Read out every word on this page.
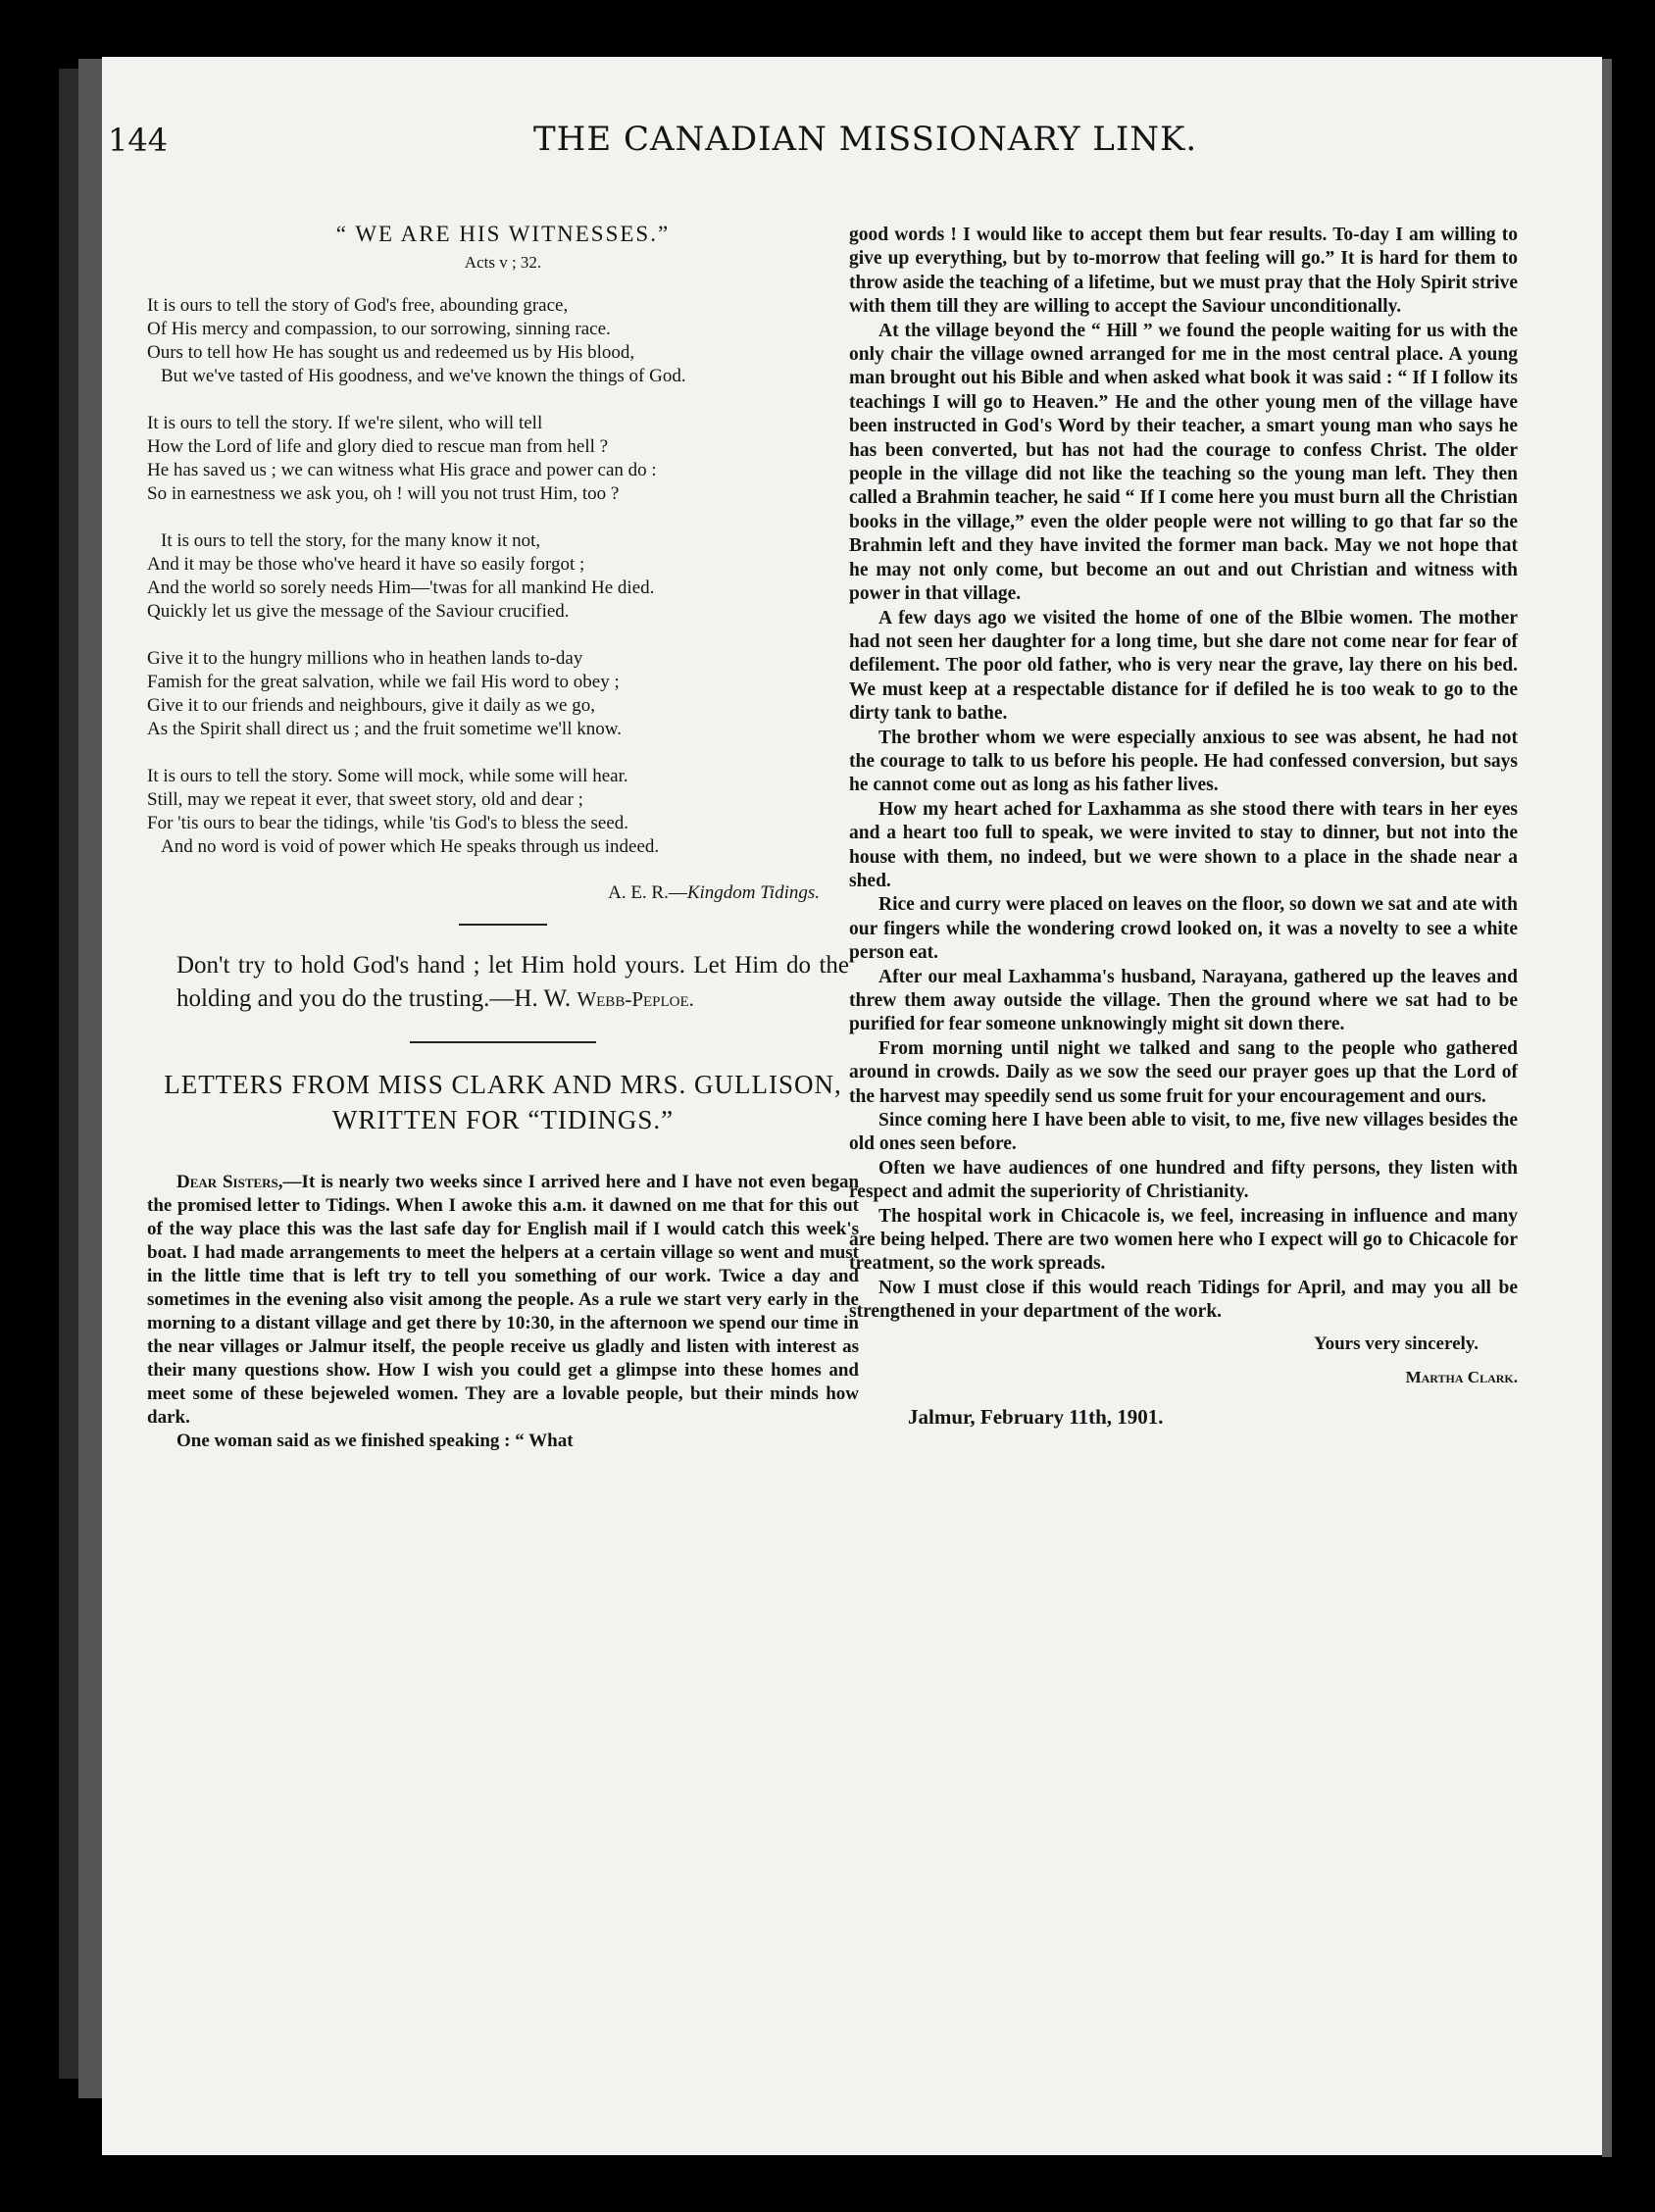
144	THE CANADIAN MISSIONARY LINK.
“ WE ARE HIS WITNESSES.”
Acts v ; 32.

It is ours to tell the story of God's free, abounding grace,

Of His mercy and compassion, to our sorrowing, sinning race.

Ours to tell how He has sought us and redeemed us by His blood,

But we've tasted of His goodness, and we've known the things of God.

It is ours to tell the story. If we're silent, who will tell

How the Lord of life and glory died to rescue man from hell ?

He has saved us ; we can witness what His grace and power can do :

So in earnestness we ask you, oh ! will you not trust Him, too ?

It is ours to tell the story, for the many know it not,

And it may be those who've heard it have so easily forgot ;

And the world so sorely needs Him—'twas for all mankind He died.

Quickly let us give the message of the Saviour crucified.

Give it to the hungry millions who in heathen lands to-day

Famish for the great salvation, while we fail His word to obey ;

Give it to our friends and neighbours, give it daily as we go,

As the Spirit shall direct us ; and the fruit sometime we'll know.

It is ours to tell the story. Some will mock, while some will hear.

Still, may we repeat it ever, that sweet story, old and dear ;

For 'tis ours to bear the tidings, while 'tis God's to bless the seed.

And no word is void of power which He speaks through us indeed.

A. E. R.—Kingdom Tidings.

Don't try to hold God's hand ; let Him hold yours. Let Him do the holding and you do the trusting.—H. W. Webb-Peploe.

LETTERS FROM MISS CLARK AND MRS. GULLISON, WRITTEN FOR “TIDINGS.”

Dear Sisters,—It is nearly two weeks since I arrived here and I have not even began the promised letter to Tidings. When I awoke this a.m. it dawned on me that for this out of the way place this was the last safe day for English mail if I would catch this week's boat. I had made arrangements to meet the helpers at a certain village so went and must in the little time that is left try to tell you something of our work. Twice a day and sometimes in the evening also visit among the people. As a rule we start very early in the morning to a distant village and get there by 10:30, in the afternoon we spend our time in the near villages or Jalmur itself, the people receive us gladly and listen with interest as their many questions show. How I wish you could get a glimpse into these homes and meet some of these bejeweled women. They are a lovable people, but their minds how dark.

One woman said as we finished speaking : “ What

good words ! I would like to accept them but fear results. To-day I am willing to give up everything, but by to-morrow that feeling will go.” It is hard for them to throw aside the teaching of a lifetime, but we must pray that the Holy Spirit strive with them till they are willing to accept the Saviour unconditionally.

At the village beyond the “ Hill ” we found the people waiting for us with the only chair the village owned arranged for me in the most central place. A young man brought out his Bible and when asked what book it was said : “ If I follow its teachings I will go to Heaven.” He and the other young men of the village have been instructed in God's Word by their teacher, a smart young man who says he has been converted, but has not had the courage to confess Christ. The older people in the village did not like the teaching so the young man left. They then called a Brahmin teacher, he said “ If I come here you must burn all the Christian books in the village,” even the older people were not willing to go that far so the Brahmin left and they have invited the former man back. May we not hope that he may not only come, but become an out and out Christian and witness with power in that village.

A few days ago we visited the home of one of the Blbie women. The mother had not seen her daughter for a long time, but she dare not come near for fear of defilement. The poor old father, who is very near the grave, lay there on his bed. We must keep at a respectable distance for if defiled he is too weak to go to the dirty tank to bathe.

The brother whom we were especially anxious to see was absent, he had not the courage to talk to us before his people. He had confessed conversion, but says he cannot come out as long as his father lives.

How my heart ached for Laxhamma as she stood there with tears in her eyes and a heart too full to speak, we were invited to stay to dinner, but not into the house with them, no indeed, but we were shown to a place in the shade near a shed.

Rice and curry were placed on leaves on the floor, so down we sat and ate with our fingers while the wondering crowd looked on, it was a novelty to see a white person eat.

After our meal Laxhamma's husband, Narayana, gathered up the leaves and threw them away outside the village. Then the ground where we sat had to be purified for fear someone unknowingly might sit down there.

From morning until night we talked and sang to the people who gathered around in crowds. Daily as we sow the seed our prayer goes up that the Lord of the harvest may speedily send us some fruit for your encouragement and ours.

Since coming here I have been able to visit, to me, five new villages besides the old ones seen before.

Often we have audiences of one hundred and fifty persons, they listen with respect and admit the superiority of Christianity.

The hospital work in Chicacole is, we feel, increasing in influence and many are being helped. There are two women here who I expect will go to Chicacole for treatment, so the work spreads.

Now I must close if this would reach Tidings for April, and may you all be strengthened in your department of the work.

Yours very sincerely.
Martha Clark.
Jalmur, February 11th, 1901.
